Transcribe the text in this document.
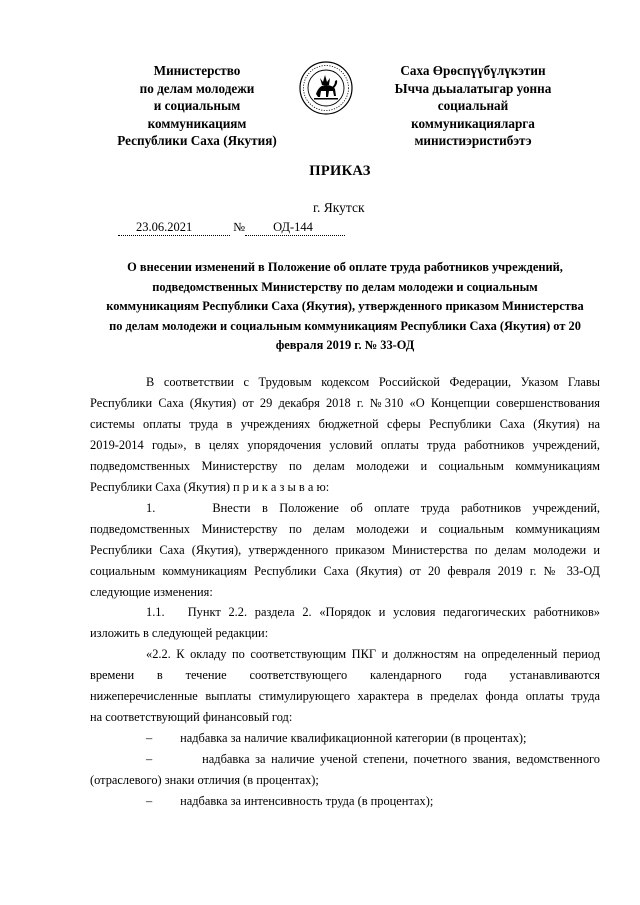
Министерство
по делам молодежи
и социальным
коммуникациям
Республики Саха (Якутия)
Саха Өрөспүүбүлүкэтин
Ычча дьыалатыгар уонна
социальнай
коммуникацияларга
министиэристибэтэ
ПРИКАЗ
г. Якутск
23.06.2021	№ ОД-144
О внесении изменений в Положение об оплате труда работников учреждений,
подведомственных Министерству по делам молодежи и социальным
коммуникациям Республики Саха (Якутия), утвержденного приказом Министерства
по делам молодежи и социальным коммуникациям Республики Саха (Якутия) от 20
февраля 2019 г. № 33-ОД
В соответствии с Трудовым кодексом Российской Федерации, Указом Главы
Республики Саха (Якутия) от 29 декабря 2018 г. №310 «О Концепции совершенствования
системы оплаты труда в учреждениях бюджетной сферы Республики Саха (Якутия) на
2019-2014 годы», в целях упорядочения условий оплаты труда работников учреждений,
подведомственных Министерству по делам молодежи и социальным коммуникациям
Республики Саха (Якутия) п р и к а з ы в а ю:
1.     Внести в Положение об оплате труда работников учреждений,
подведомственных Министерству по делам молодежи и социальным коммуникациям
Республики Саха (Якутия), утвержденного приказом Министерства по делам молодежи и
социальным коммуникациям Республики Саха (Якутия) от 20 февраля 2019 г. № 33-ОД
следующие изменения:
1.1.   Пункт 2.2. раздела 2. «Порядок и условия педагогических работников»
изложить в следующей редакции:
«2.2. К окладу по соответствующим ПКГ и должностям на определенный период
времени в течение соответствующего календарного года устанавливаются
нижеперечисленные выплаты стимулирующего характера в пределах фонда оплаты труда
на соответствующий финансовый год:
–         надбавка за наличие квалификационной категории (в процентах);
–         надбавка за наличие ученой степени, почетного звания, ведомственного
(отраслевого) знаки отличия (в процентах);
–         надбавка за интенсивность труда (в процентах);
